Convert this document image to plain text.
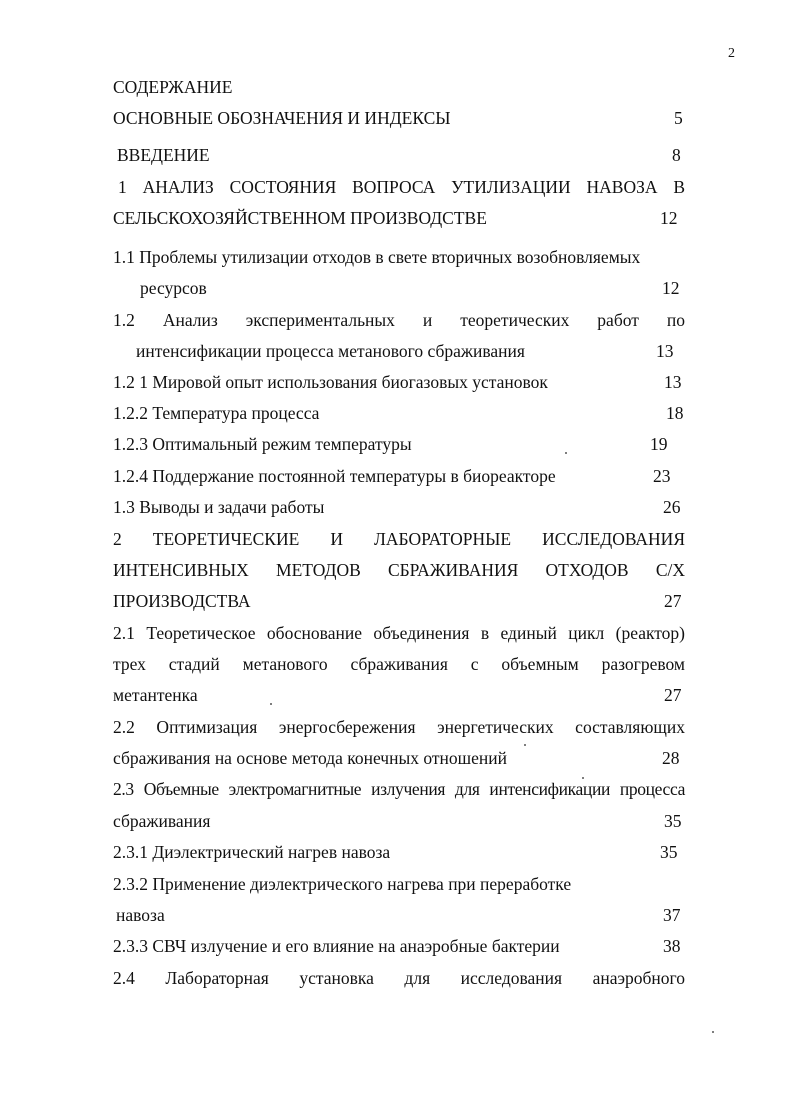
2
СОДЕРЖАНИЕ
ОСНОВНЫЕ ОБОЗНАЧЕНИЯ И ИНДЕКСЫ	5
ВВЕДЕНИЕ	8
1 АНАЛИЗ СОСТОЯНИЯ ВОПРОСА УТИЛИЗАЦИИ НАВОЗА В
СЕЛЬСКОХОЗЯЙСТВЕННОМ ПРОИЗВОДСТВЕ	12
1.1 Проблемы утилизации отходов в свете вторичных возобновляемых
ресурсов	12
1.2 Анализ экспериментальных и теоретических работ по
интенсификации процесса метанового сбраживания	13
1.2 1 Мировой опыт использования биогазовых установок	13
1.2.2 Температура процесса	18
1.2.3 Оптимальный режим температуры	19
1.2.4 Поддержание постоянной температуры в биореакторе	23
1.3 Выводы и задачи работы	26
2 ТЕОРЕТИЧЕСКИЕ И ЛАБОРАТОРНЫЕ ИССЛЕДОВАНИЯ
ИНТЕНСИВНЫХ МЕТОДОВ СБРАЖИВАНИЯ ОТХОДОВ С/Х
ПРОИЗВОДСТВА	27
2.1 Теоретическое обоснование объединения в единый цикл (реактор)
трех стадий метанового сбраживания с объемным разогревом
метантенка	27
2.2 Оптимизация энергосбережения энергетических составляющих
сбраживания на основе метода конечных отношений	28
2.3 Объемные электромагнитные излучения для интенсификации процесса
сбраживания	35
2.3.1 Диэлектрический нагрев навоза	35
2.3.2 Применение диэлектрического нагрева при переработке
навоза	37
2.3.3 СВЧ излучение и его влияние на анаэробные бактерии	38
2.4 Лабораторная установка для исследования анаэробного
